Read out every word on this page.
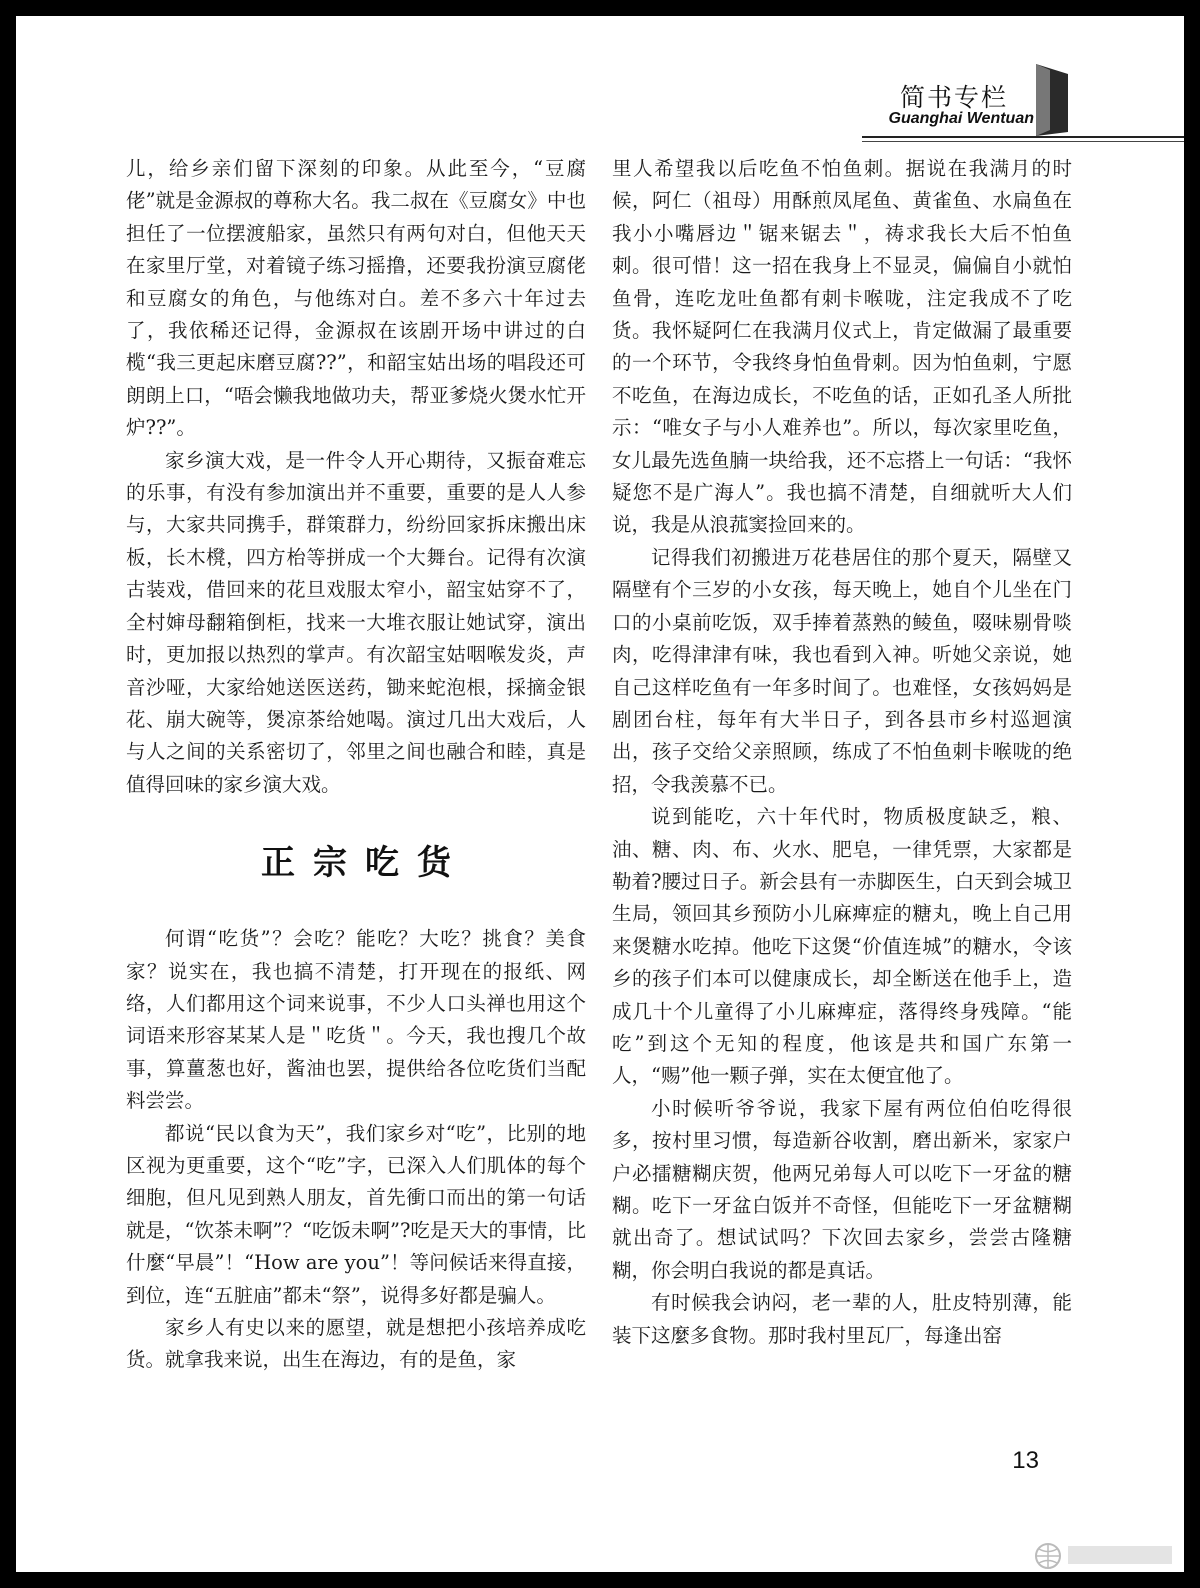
简书专栏
Guanghai Wentuan

儿，给乡亲们留下深刻的印象。从此至今，“豆腐佬”就是金源叔的尊称大名。我二叔在《豆腐女》中也担任了一位摆渡船家，虽然只有两句对白，但他天天在家里厅堂，对着镜子练习摇撸，还要我扮演豆腐佬和豆腐女的角色，与他练对白。差不多六十年过去了，我依稀还记得，金源叔在该剧开场中讲过的白榄“我三更起床磨豆腐??”，和韶宝姑出场的唱段还可朗朗上口，“唔会懒我地做功夫，帮亚爹烧火煲水忙开炉??”。

家乡演大戏，是一件令人开心期待，又振奋难忘的乐事，有没有参加演出并不重要，重要的是人人参与，大家共同携手，群策群力，纷纷回家拆床搬出床板，长木櫈，四方枱等拼成一个大舞台。记得有次演古装戏，借回来的花旦戏服太窄小，韶宝姑穿不了，全村婶母翻箱倒柜，找来一大堆衣服让她试穿，演出时，更加报以热烈的掌声。有次韶宝姑咽喉发炎，声音沙哑，大家给她送医送药，锄来蛇泡根，採摘金银花、崩大碗等，煲凉茶给她喝。演过几出大戏后，人与人之间的关系密切了，邻里之间也融合和睦，真是值得回味的家乡演大戏。

正宗吃货

何谓“吃货”？会吃？能吃？大吃？挑食？美食家？说实在，我也搞不清楚，打开现在的报纸、网络，人们都用这个词来说事，不少人口头禅也用这个词语来形容某某人是＂吃货＂。今天，我也搜几个故事，算薑葱也好，酱油也罢，提供给各位吃货们当配料尝尝。

都说“民以食为天”，我们家乡对“吃”，比别的地区视为更重要，这个“吃”字，已深入人们肌体的每个细胞，但凡见到熟人朋友，首先衝口而出的第一句话就是，“饮茶未啊”？“吃饭未啊”?吃是天大的事情，比什麼“早晨”！“How are you”！等问候话来得直接，到位，连“五脏庙”都未“祭”，说得多好都是骗人。

家乡人有史以来的愿望，就是想把小孩培养成吃货。就拿我来说，出生在海边，有的是鱼，家

里人希望我以后吃鱼不怕鱼刺。据说在我满月的时候，阿仁（祖母）用酥煎凤尾鱼、黄雀鱼、水扁鱼在我小小嘴唇边＂锯来锯去＂，祷求我长大后不怕鱼刺。很可惜！这一招在我身上不显灵，偏偏自小就怕鱼骨，连吃龙吐鱼都有刺卡喉咙，注定我成不了吃货。我怀疑阿仁在我满月仪式上，肯定做漏了最重要的一个环节，令我终身怕鱼骨刺。因为怕鱼刺，宁愿不吃鱼，在海边成长，不吃鱼的话，正如孔圣人所批示：“唯女子与小人难养也”。所以，每次家里吃鱼，女儿最先选鱼腩一块给我，还不忘搭上一句话：“我怀疑您不是广海人”。我也搞不清楚，自细就听大人们说，我是从浪菰窦捡回来的。

记得我们初搬进万花巷居住的那个夏天，隔壁又隔壁有个三岁的小女孩，每天晚上，她自个儿坐在门口的小桌前吃饭，双手捧着蒸熟的鲮鱼，啜味剔骨啖肉，吃得津津有味，我也看到入神。听她父亲说，她自己这样吃鱼有一年多时间了。也难怪，女孩妈妈是剧团台柱，每年有大半日子，到各县市乡村巡迴演出，孩子交给父亲照顾，练成了不怕鱼刺卡喉咙的绝招，令我羡慕不已。

说到能吃，六十年代时，物质极度缺乏，粮、油、糖、肉、布、火水、肥皂，一律凭票，大家都是勒着?腰过日子。新会县有一赤脚医生，白天到会城卫生局，领回其乡预防小儿麻痺症的糖丸，晚上自己用来煲糖水吃掉。他吃下这煲“价值连城”的糖水，令该乡的孩子们本可以健康成长，却全断送在他手上，造成几十个儿童得了小儿麻痺症，落得终身残障。“能吃”到这个无知的程度，他该是共和国广东第一人，“赐”他一颗子弹，实在太便宜他了。

小时候听爷爷说，我家下屋有两位伯伯吃得很多，按村里习惯，每造新谷收割，磨出新米，家家户户必擂糖糊庆贺，他两兄弟每人可以吃下一牙盆的糖糊。吃下一牙盆白饭并不奇怪，但能吃下一牙盆糖糊就出奇了。想试试吗？下次回去家乡，尝尝古隆糖糊，你会明白我说的都是真话。

有时候我会讷闷，老一辈的人，肚皮特别薄，能装下这麼多食物。那时我村里瓦厂，每逢出窑

13
